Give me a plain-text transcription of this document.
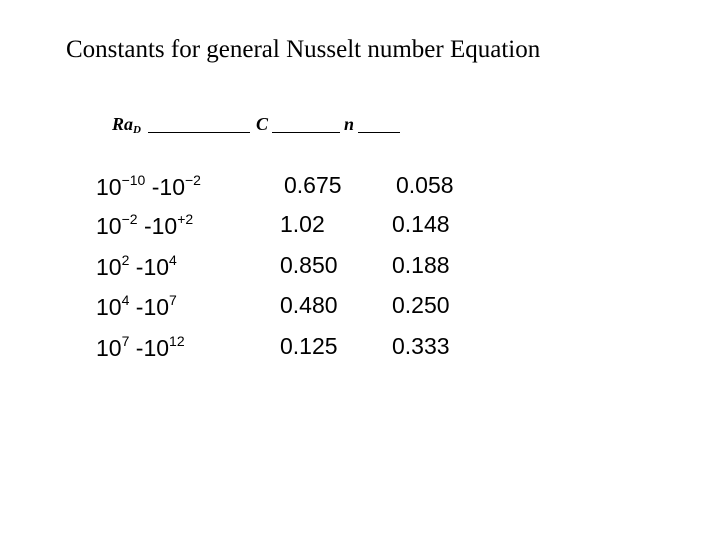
Constants for general Nusselt number Equation
$Ra_D$	C	n
$10^{-10}$ $-10^{-2}$	0.675 0.058
$10^{-2}$ $-10^{+2}$	1.02	0.148
$10^2$ $-10^4$	0.850 0.188
$10^4$ $-10^7$	0.480 0.250
$10^7$ $-10^{12}$	0.125 0.333
